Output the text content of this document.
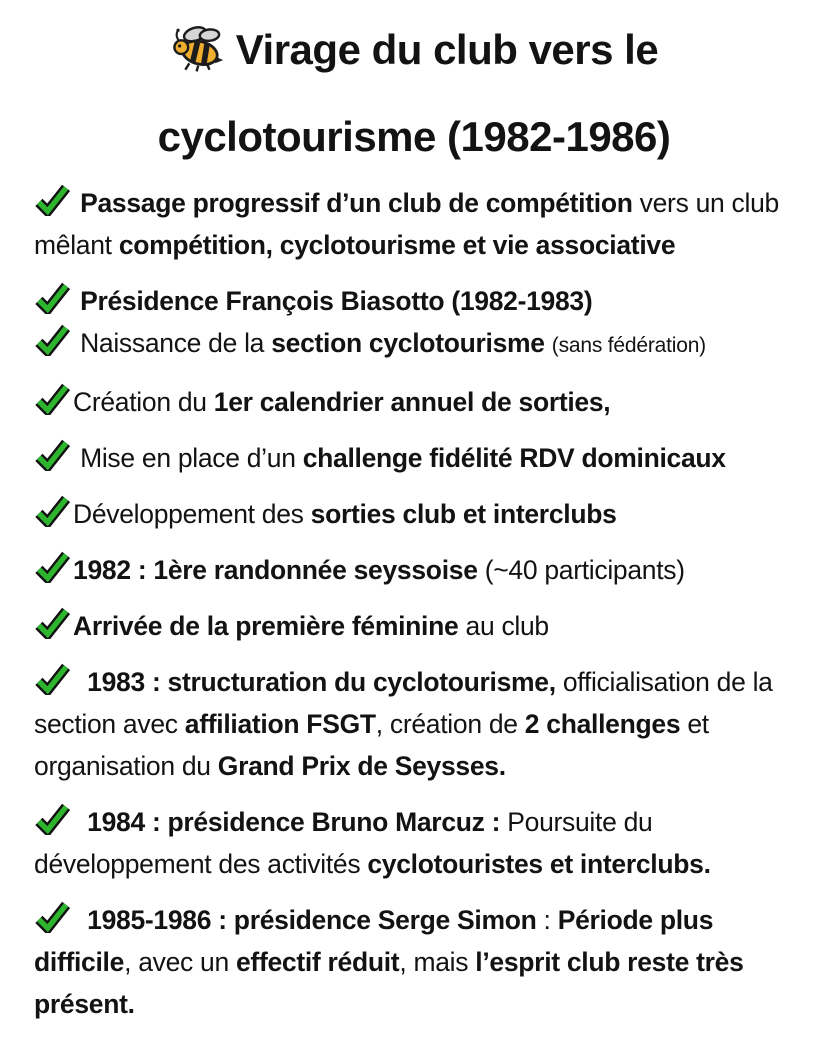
Virage du club vers le
cyclotourisme (1982-1986)

Passage progressif d’un club de compétition vers un club mêlant compétition, cyclotourisme et vie associative

Présidence François Biasotto (1982-1983)

Naissance de la section cyclotourisme (sans fédération)

Création du 1er calendrier annuel de sorties,

Mise en place d’un challenge fidélité RDV dominicaux

Développement des sorties club et interclubs

1982 : 1ère randonnée seyssoise (~40 participants)

Arrivée de la première féminine au club

1983 : structuration du cyclotourisme, officialisation de la section avec affiliation FSGT, création de 2 challenges et organisation du Grand Prix de Seysses.

1984 : présidence Bruno Marcuz : Poursuite du développement des activités cyclotouristes et interclubs.

1985-1986 : présidence Serge Simon : Période plus difficile, avec un effectif réduit, mais l’esprit club reste très présent.
